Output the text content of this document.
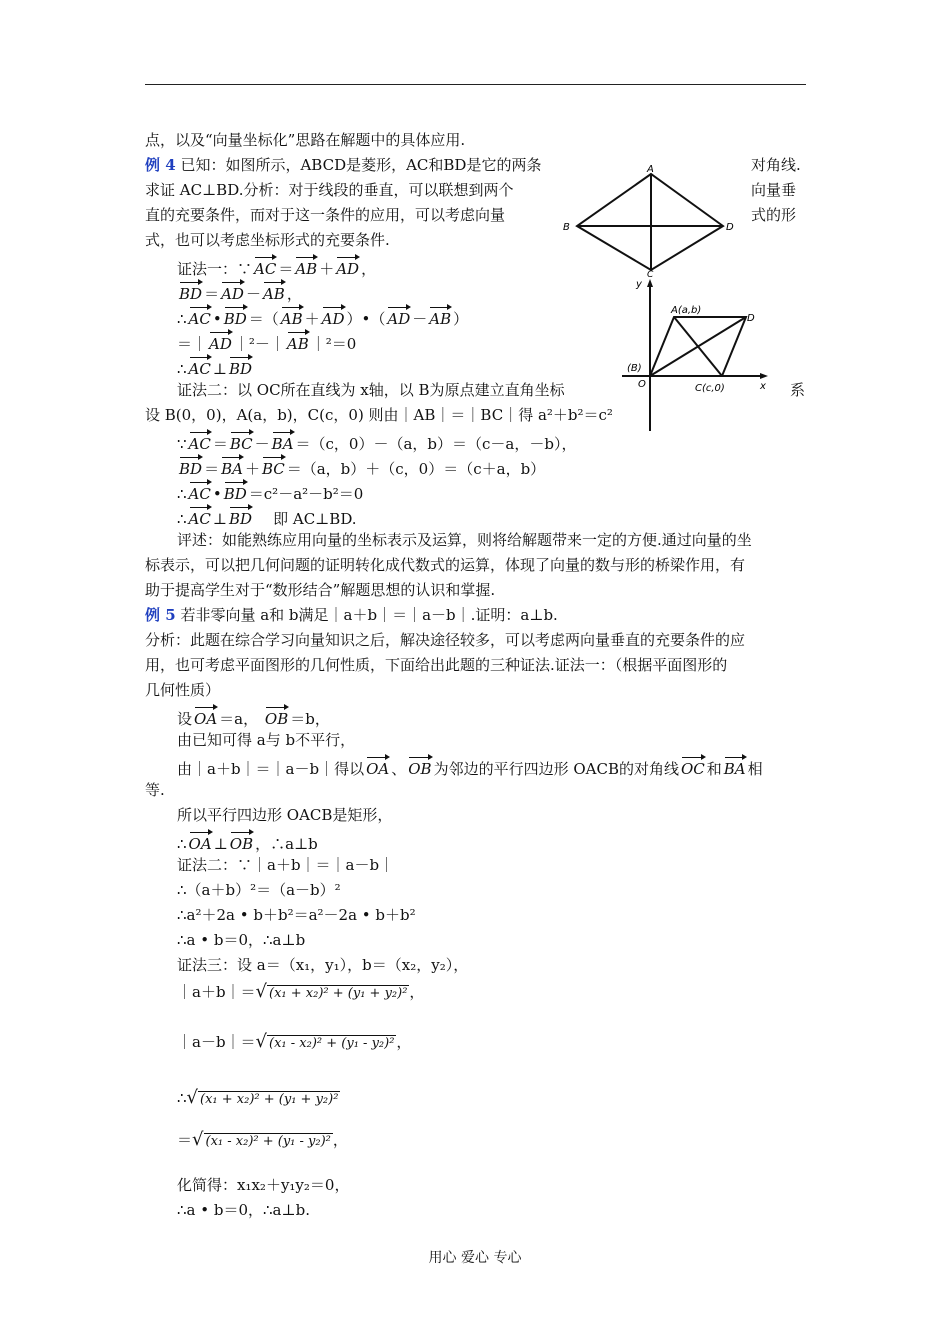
点，以及“向量坐标化”思路在解题中的具体应用.
例 4 已知：如图所示，ABCD是菱形，AC和BD是它的两条	对角线.
求证 AC⊥BD.分析：对于线段的垂直，可以联想到两个	向量垂
直的充要条件，而对于这一条件的应用，可以考虑向量	式的形
式，也可以考虑坐标形式的充要条件.
A
B
C
D
证法一：∵ AC ＝ AB ＋ AD ，
BD ＝ AD － AB ，
∴ AC • BD ＝（ AB ＋ AD ）•（ AD － AB ）
＝｜ AD ｜²－｜ AB ｜²＝0
∴ AC ⊥ BD
y
x
A(a,b)
D
(B)
O	C(c,0)
证法二：以 OC所在直线为 x轴，以 B为原点建立直角坐标	系
设 B(0，0)，A(a，b)，C(c，0) 则由｜AB｜＝｜BC｜得 a²＋b²＝c²
∵ AC ＝ BC － BA ＝（c，0）－（a，b）＝（c－a，－b），
BD ＝ BA ＋ BC ＝（a，b）＋（c，0）＝（c＋a，b）
∴ AC • BD ＝c²－a²－b²＝0
∴ AC ⊥ BD 即 AC⊥BD.
评述：如能熟练应用向量的坐标表示及运算，则将给解题带来一定的方便.通过向量的坐
标表示，可以把几何问题的证明转化成代数式的运算，体现了向量的数与形的桥梁作用，有
助于提高学生对于“数形结合”解题思想的认识和掌握.
例 5 若非零向量 a和 b满足｜a＋b｜＝｜a－b｜.证明：a⊥b.
分析：此题在综合学习向量知识之后，解决途径较多，可以考虑两向量垂直的充要条件的应
用，也可考虑平面图形的几何性质，下面给出此题的三种证法.证法一：（根据平面图形的
几何性质）
设 OA ＝a， OB ＝b，
由已知可得 a与 b不平行，
由｜a＋b｜＝｜a－b｜得以 OA 、 OB 为邻边的平行四边形 OACB的对角线 OC 和 BA 相
等.
所以平行四边形 OACB是矩形，
∴ OA ⊥ OB ，∴a⊥b
证法二：∵｜a＋b｜＝｜a－b｜
∴（a＋b）²＝（a－b）²
∴a²＋2a • b＋b²＝a²－2a • b＋b²
∴a • b＝0，∴a⊥b
证法三：设 a＝（x₁，y₁），b＝（x₂，y₂），
｜a＋b｜＝√ (x₁ + x₂)² + (y₁ + y₂)² ，
｜a－b｜＝√ (x₁ - x₂)² + (y₁ - y₂)² ，
∴√ (x₁ + x₂)² + (y₁ + y₂)²
＝√ (x₁ - x₂)² + (y₁ - y₂)² ，
化简得：x₁x₂＋y₁y₂＝0，
∴a • b＝0，∴a⊥b.
用心 爱心 专心
